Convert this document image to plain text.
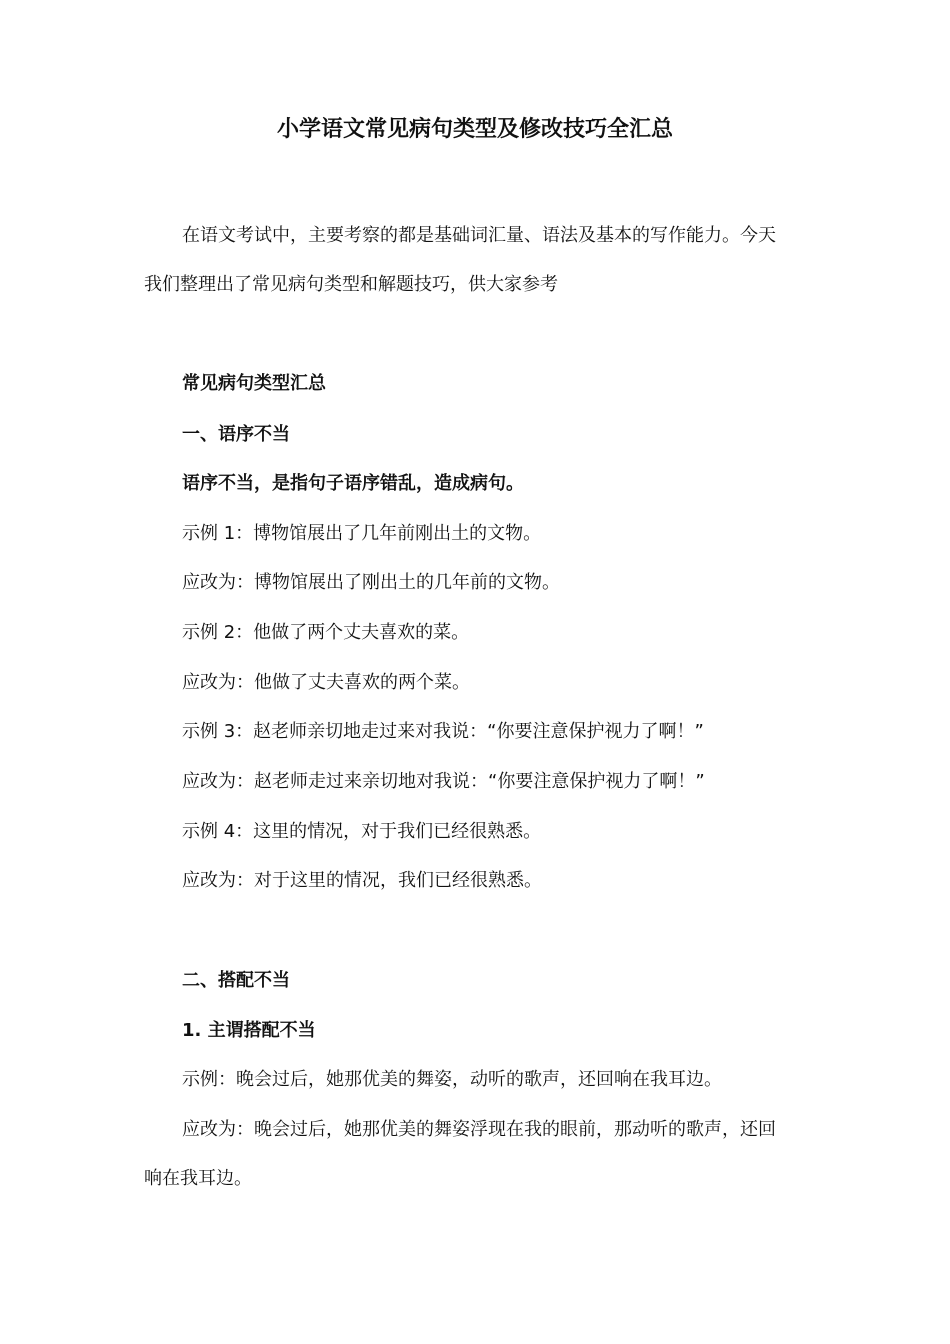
小学语文常见病句类型及修改技巧全汇总
在语文考试中，主要考察的都是基础词汇量、语法及基本的写作能力。今天
我们整理出了常见病句类型和解题技巧，供大家参考
常见病句类型汇总
一、语序不当
语序不当，是指句子语序错乱，造成病句。
示例 1：博物馆展出了几年前刚出土的文物。
应改为：博物馆展出了刚出土的几年前的文物。
示例 2：他做了两个丈夫喜欢的菜。
应改为：他做了丈夫喜欢的两个菜。
示例 3：赵老师亲切地走过来对我说：“你要注意保护视力了啊！”
应改为：赵老师走过来亲切地对我说：“你要注意保护视力了啊！”
示例 4：这里的情况，对于我们已经很熟悉。
应改为：对于这里的情况，我们已经很熟悉。
二、搭配不当
1. 主谓搭配不当
示例：晚会过后，她那优美的舞姿，动听的歌声，还回响在我耳边。
应改为：晚会过后，她那优美的舞姿浮现在我的眼前，那动听的歌声，还回
响在我耳边。
